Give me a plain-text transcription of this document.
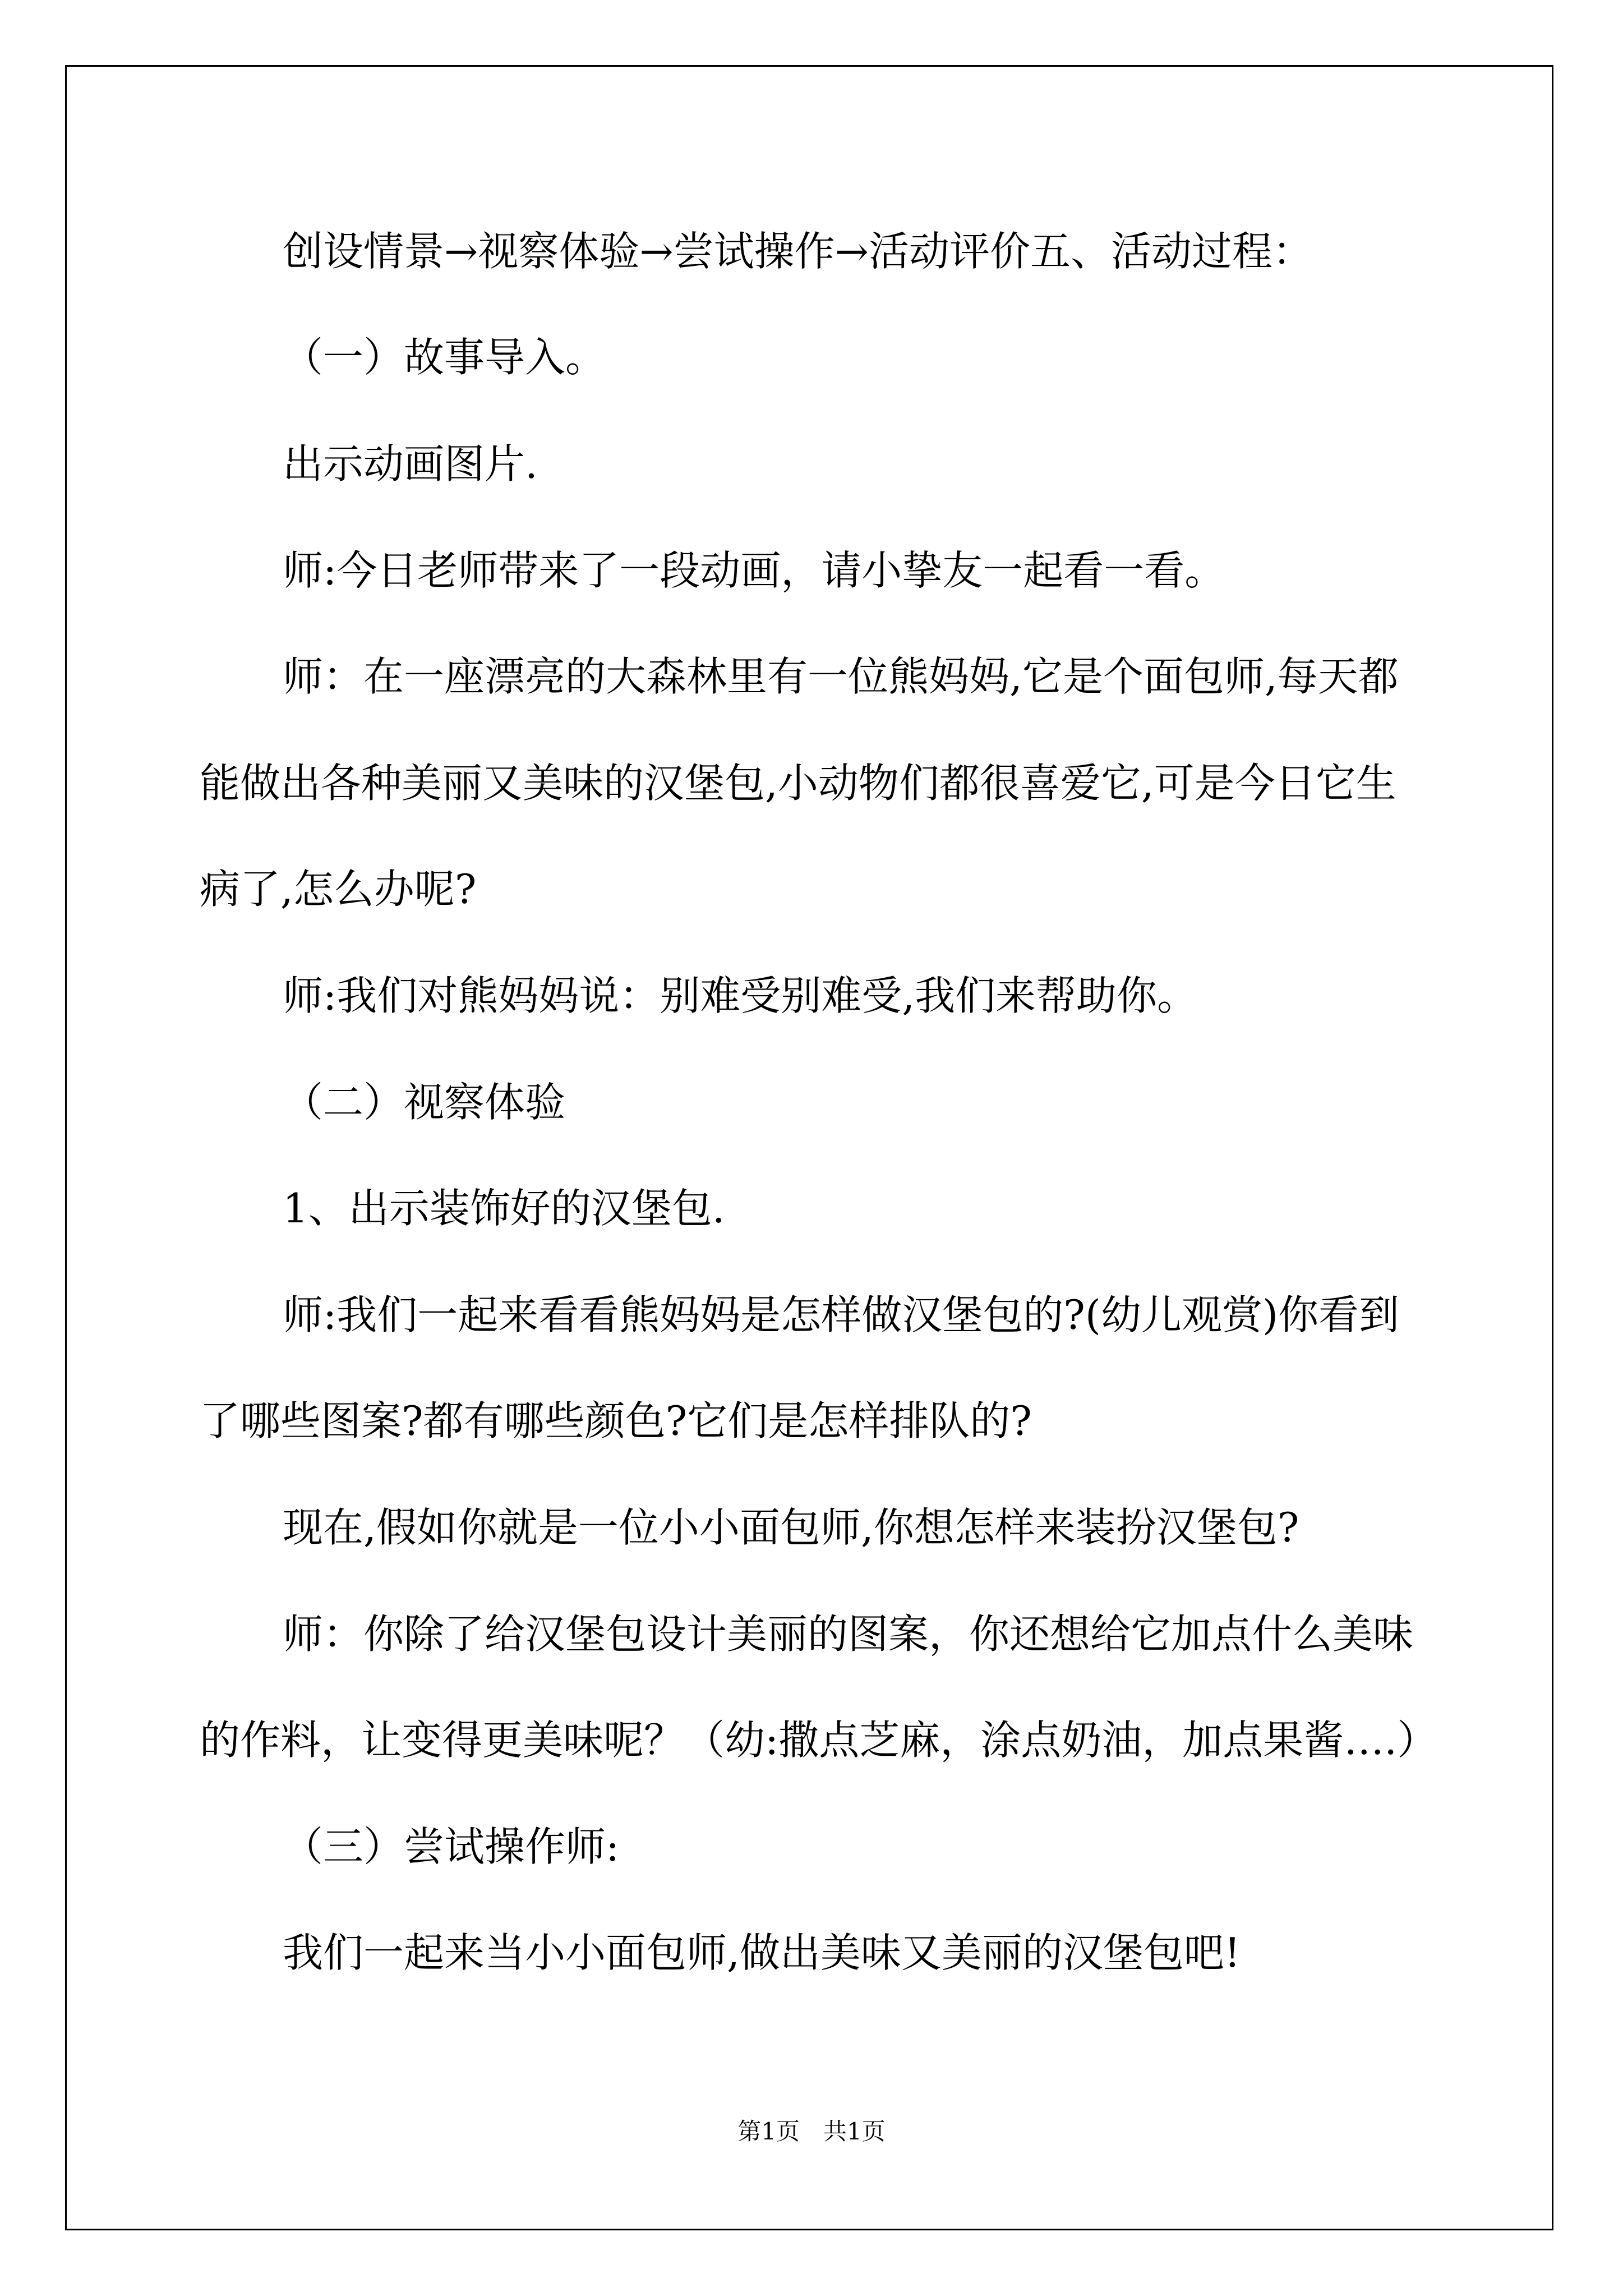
创设情景→视察体验→尝试操作→活动评价五、活动过程：

（一）故事导入。

出示动画图片.

师:今日老师带来了一段动画，请小挚友一起看一看。

师：在一座漂亮的大森林里有一位熊妈妈,它是个面包师,每天都

能做出各种美丽又美味的汉堡包,小动物们都很喜爱它,可是今日它生

病了,怎么办呢?

师:我们对熊妈妈说：别难受别难受,我们来帮助你。

（二）视察体验

1、出示装饰好的汉堡包.

师:我们一起来看看熊妈妈是怎样做汉堡包的?(幼儿观赏)你看到

了哪些图案?都有哪些颜色?它们是怎样排队的?

现在,假如你就是一位小小面包师,你想怎样来装扮汉堡包?

师：你除了给汉堡包设计美丽的图案，你还想给它加点什么美味

的作料，让变得更美味呢？（幼:撒点芝麻，涂点奶油，加点果酱….）

（三）尝试操作师:

我们一起来当小小面包师,做出美味又美丽的汉堡包吧!

第1页　共1页
